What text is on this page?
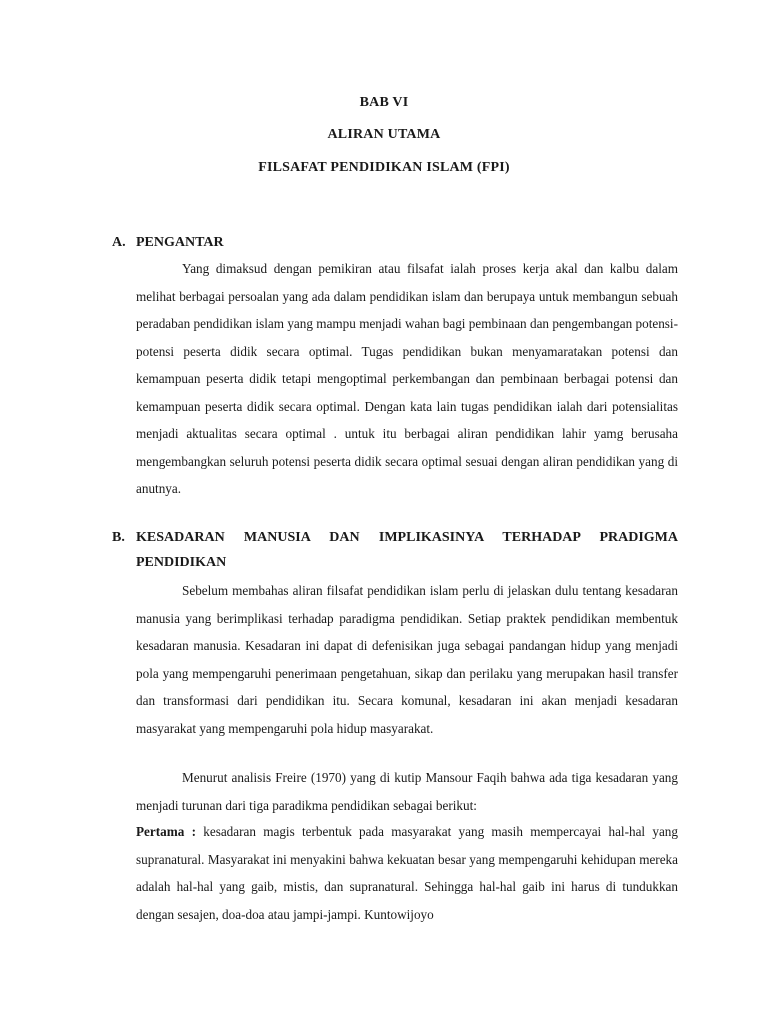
BAB VI
ALIRAN UTAMA
FILSAFAT PENDIDIKAN ISLAM (FPI)
A. PENGANTAR

Yang dimaksud dengan pemikiran atau filsafat ialah proses kerja akal dan kalbu dalam melihat berbagai persoalan yang ada dalam pendidikan islam dan berupaya untuk membangun sebuah peradaban pendidikan islam yang mampu menjadi wahan bagi pembinaan dan pengembangan potensi-potensi peserta didik secara optimal. Tugas pendidikan bukan menyamaratakan potensi dan kemampuan peserta didik tetapi mengoptimal perkembangan dan pembinaan berbagai potensi dan kemampuan peserta didik secara optimal. Dengan kata lain tugas pendidikan ialah dari potensialitas menjadi aktualitas secara optimal . untuk itu berbagai aliran pendidikan lahir yamg berusaha mengembangkan seluruh potensi peserta didik secara optimal sesuai dengan aliran pendidikan yang di anutnya.

B. KESADARAN MANUSIA DAN IMPLIKASINYA TERHADAP PRADIGMA
PENDIDIKAN

Sebelum membahas aliran filsafat pendidikan islam perlu di jelaskan dulu tentang kesadaran manusia yang berimplikasi terhadap paradigma pendidikan. Setiap praktek pendidikan membentuk kesadaran manusia. Kesadaran ini dapat di defenisikan juga sebagai pandangan hidup yang menjadi pola yang mempengaruhi penerimaan pengetahuan, sikap dan perilaku yang merupakan hasil transfer dan transformasi dari pendidikan itu. Secara komunal, kesadaran ini akan menjadi kesadaran masyarakat yang mempengaruhi pola hidup masyarakat.

Menurut analisis Freire (1970) yang di kutip Mansour Faqih bahwa ada tiga kesadaran yang menjadi turunan dari tiga paradikma pendidikan sebagai berikut:

Pertama : kesadaran magis terbentuk pada masyarakat yang masih mempercayai hal-hal yang supranatural. Masyarakat ini menyakini bahwa kekuatan besar yang mempengaruhi kehidupan mereka adalah hal-hal yang gaib, mistis, dan supranatural. Sehingga hal-hal gaib ini harus di tundukkan dengan sesajen, doa-doa atau jampi-jampi. Kuntowijoyo
